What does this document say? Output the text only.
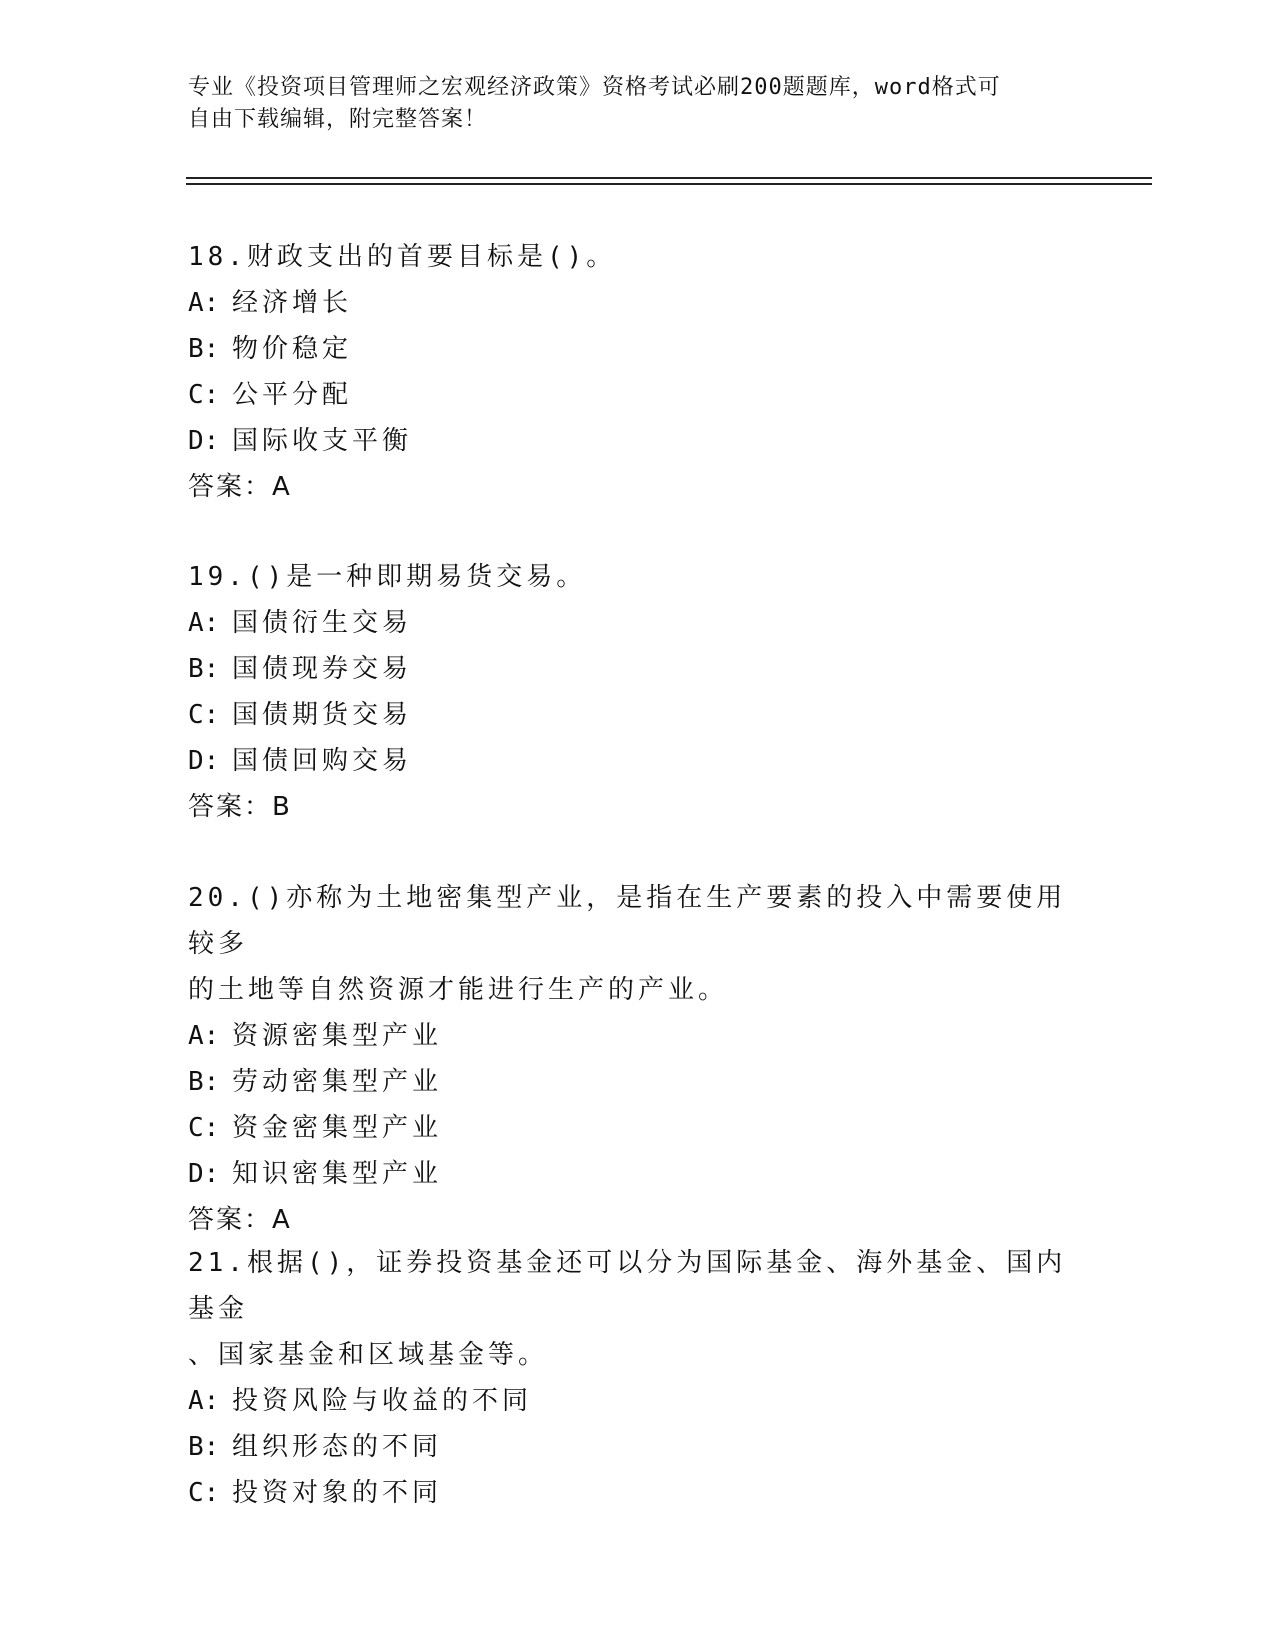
专业《投资项目管理师之宏观经济政策》资格考试必刷200题题库，word格式可
自由下载编辑，附完整答案！
18.财政支出的首要目标是()。
A: 经济增长
B: 物价稳定
C: 公平分配
D: 国际收支平衡
答案：A
19.()是一种即期易货交易。
A: 国债衍生交易
B: 国债现券交易
C: 国债期货交易
D: 国债回购交易
答案：B
20.()亦称为土地密集型产业，是指在生产要素的投入中需要使用较多
的土地等自然资源才能进行生产的产业。
A: 资源密集型产业
B: 劳动密集型产业
C: 资金密集型产业
D: 知识密集型产业
答案：A
21.根据()，证券投资基金还可以分为国际基金、海外基金、国内基金
、国家基金和区域基金等。
A: 投资风险与收益的不同
B: 组织形态的不同
C: 投资对象的不同
